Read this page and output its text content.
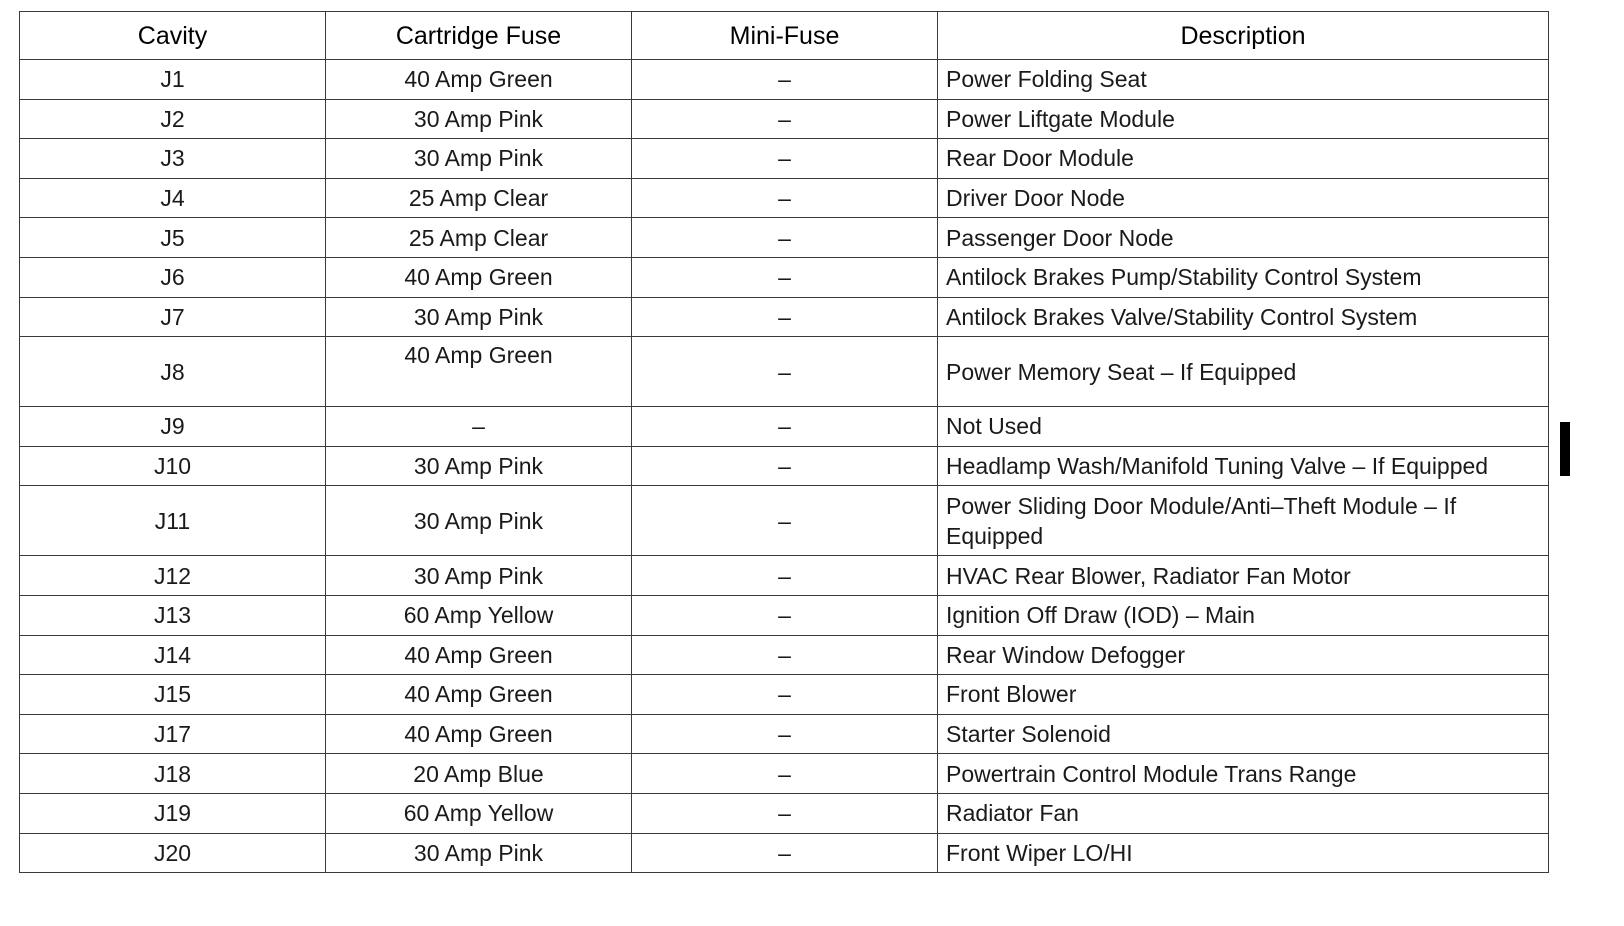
Cavity	Cartridge Fuse	Mini-Fuse	Description
J1	40 Amp Green	–	Power Folding Seat
J2	30 Amp Pink	–	Power Liftgate Module
J3	30 Amp Pink	–	Rear Door Module
J4	25 Amp Clear	–	Driver Door Node
J5	25 Amp Clear	–	Passenger Door Node
J6	40 Amp Green	–	Antilock Brakes Pump/Stability Control System
J7	30 Amp Pink	–	Antilock Brakes Valve/Stability Control System
J8	40 Amp Green	–	Power Memory Seat – If Equipped
J9	–	–	Not Used
J10	30 Amp Pink	–	Headlamp Wash/Manifold Tuning Valve – If Equipped
J11	30 Amp Pink	–	Power Sliding Door Module/Anti–Theft Module – If Equipped
J12	30 Amp Pink	–	HVAC Rear Blower, Radiator Fan Motor
J13	60 Amp Yellow	–	Ignition Off Draw (IOD) – Main
J14	40 Amp Green	–	Rear Window Defogger
J15	40 Amp Green	–	Front Blower
J17	40 Amp Green	–	Starter Solenoid
J18	20 Amp Blue	–	Powertrain Control Module Trans Range
J19	60 Amp Yellow	–	Radiator Fan
J20	30 Amp Pink	–	Front Wiper LO/HI
